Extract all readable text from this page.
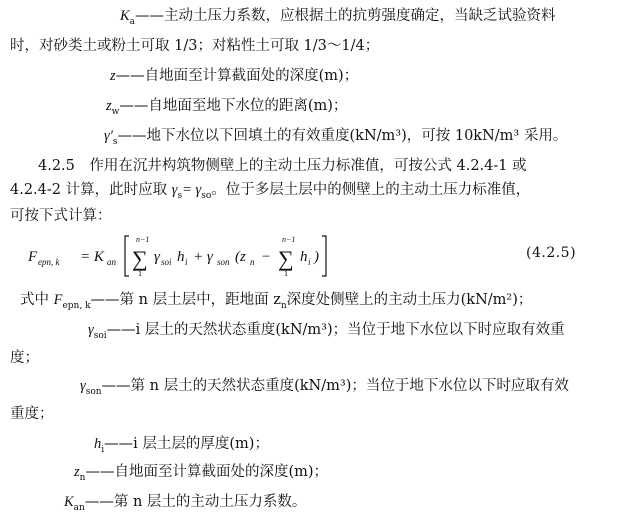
$K_a——$主动土压力系数，应根据土的抗剪强度确定，当缺乏试验资料
时，对砂类土或粉土可取 1/3；对粘性土可取 1/3～1/4；
z——自地面至计算截面处的深度(m)；
$z_w——$自地面至地下水位的距离(m)；
$\gamma'_s——$地下水位以下回填土的有效重度(kN/m³)，可按 10kN/m³ 采用。
4.2.5　作用在沉井构筑物侧壁上的主动土压力标准值，可按公式 4.2.4-1 或
4.2.4-2 计算，此时应取 $\gamma_s= \gamma_{so}$。位于多层土层中的侧壁上的主动土压力标准值，
可按下式计算：
F epn, k = K an
n−1
∑
1
γ soi h i + γ son (z n −
n−1
∑
1
h i )	(4.2.5)
式中 $F_{epn, k}——$第 n 层土层中，距地面 $z_n$深度处侧壁上的主动土压力(kN/m²)；
$\gamma_{soi}——i$ 层土的天然状态重度(kN/m³)；当位于地下水位以下时应取有效重
度；
$\gamma_{son}——$第 n 层土的天然状态重度(kN/m³)；当位于地下水位以下时应取有效
重度；
$h_i——i$ 层土层的厚度(m)；
$z_n——$自地面至计算截面处的深度(m)；
$K_{an}——$第 n 层土的主动土压力系数。
